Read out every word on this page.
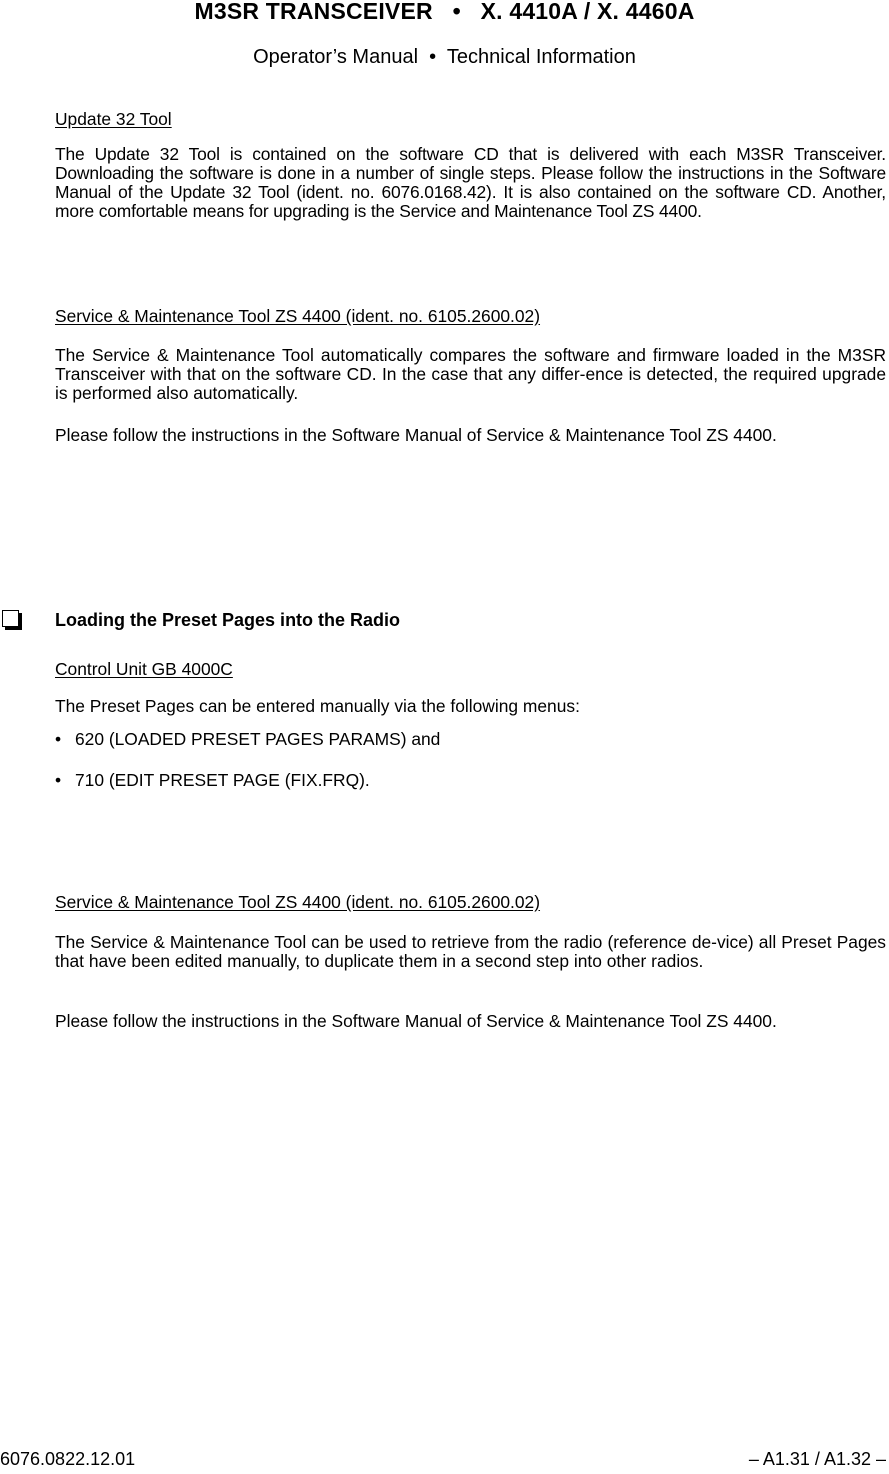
M3SR TRANSCEIVER   •   X. 4410A / X. 4460A
Operator’s Manual  •  Technical Information
Update 32 Tool
The Update 32 Tool is contained on the software CD that is delivered with each M3SR Transceiver. Downloading the software is done in a number of single steps. Please follow the instructions in the Software Manual of the Update 32 Tool (ident. no. 6076.0168.42). It is also contained on the software CD. Another, more comfortable means for upgrading is the Service and Maintenance Tool ZS 4400.
Service & Maintenance Tool ZS 4400 (ident. no. 6105.2600.02)
The Service & Maintenance Tool automatically compares the software and firmware loaded in the M3SR Transceiver with that on the software CD. In the case that any differ-ence is detected, the required upgrade is performed also automatically.
Please follow the instructions in the Software Manual of Service & Maintenance Tool ZS 4400.
Loading the Preset Pages into the Radio
Control Unit GB 4000C
The Preset Pages can be entered manually via the following menus:
• 620 (LOADED PRESET PAGES PARAMS) and
• 710 (EDIT PRESET PAGE (FIX.FRQ).
Service & Maintenance Tool ZS 4400 (ident. no. 6105.2600.02)
The Service & Maintenance Tool can be used to retrieve from the radio (reference de-vice) all Preset Pages that have been edited manually, to duplicate them in a second step into other radios.
Please follow the instructions in the Software Manual of Service & Maintenance Tool ZS 4400.
6076.0822.12.01	– A1.31 / A1.32 –
